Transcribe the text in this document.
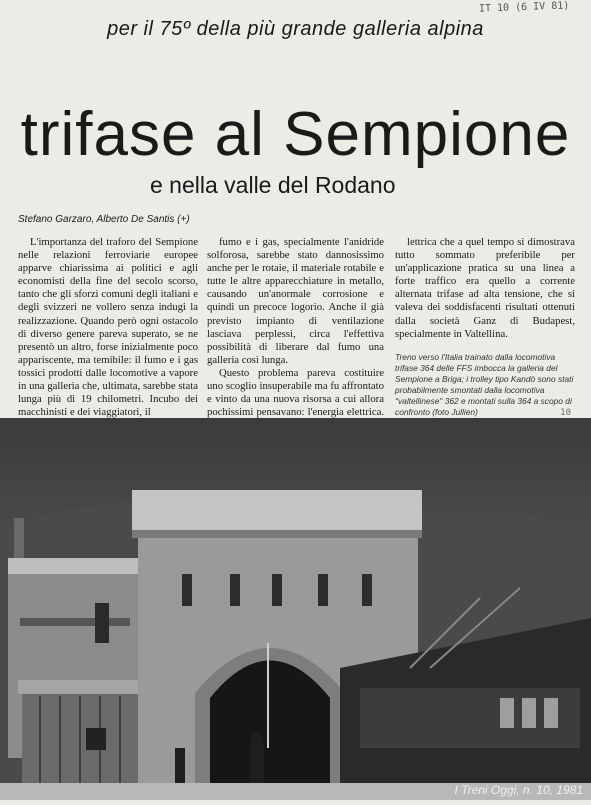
IT 10 (6 IV 81)
per il 75º della più grande galleria alpina
trifase al Sempione
e nella valle del Rodano
Stefano Garzaro, Alberto De Santis (+)

L'importanza del traforo del Sempione nelle relazioni ferroviarie europee apparve chiarissima ai politici e agli economisti della fine del secolo scorso, tanto che gli sforzi comuni degli italiani e degli svizzeri ne vollero senza indugi la realizzazione. Quando però ogni ostacolo di diverso genere pareva superato, se ne presentò un altro, forse inizialmente poco appariscente, ma temibile: il fumo e i gas tossici prodotti dalle locomotive a vapore in una galleria che, ultimata, sarebbe stata lunga più di 19 chilometri. Incubo dei macchinisti e dei viaggiatori, il

fumo e i gas, specialmente l'anidride solforosa, sarebbe stato dannosissimo anche per le rotaie, il materiale rotabile e tutte le altre apparecchiature in metallo, causando un'anormale corrosione e quindi un precoce logorio. Anche il già previsto impianto di ventilazione lasciava perplessi, circa l'effettiva possibilità di liberare dal fumo una galleria così lunga.

Questo problema pareva costituire uno scoglio insuperabile ma fu affrontato e vinto da una nuova risorsa a cui allora pochissimi pensavano: l'energia elettrica.

lettrica che a quel tempo si dimostrava tutto sommato preferibile per un'applicazione pratica su una linea a forte traffico era quello a corrente alternata trifase ad alta tensione, che si valeva dei soddisfacenti risultati ottenuti dalla società Ganz di Budapest, specialmente in Valtellina.

Treno verso l'Italia trainato dalla locomotiva trifase 364 delle FFS imbocca la galleria del Sempione a Briga; i trolley tipo Kandò sono stati probabilmente smontati dalla locomotiva "valtellinese" 362 e montati sulla 364 a scopo di confronto (foto Jullien)	10
I Treni Oggi, n. 10, 1981
